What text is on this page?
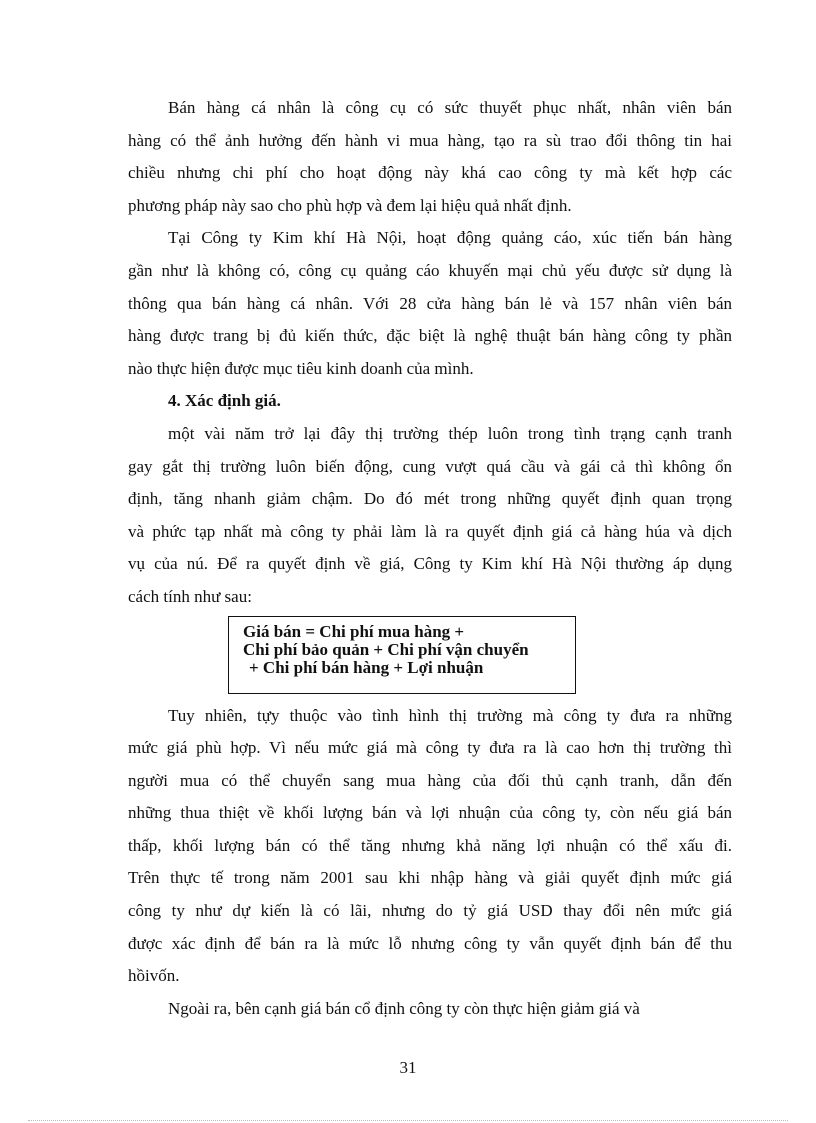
Bán hàng cá nhân là công cụ có sức thuyết phục nhất, nhân viên bán
hàng có thể ảnh hưởng đến hành vi mua hàng, tạo ra sù trao đổi thông tin hai
chiều nhưng chi phí cho hoạt động này khá cao công ty mà kết hợp các
phương pháp này sao cho phù hợp và đem lại hiệu quả nhất định.
Tại Công ty Kim khí Hà Nội, hoạt động quảng cáo, xúc tiến bán hàng
gần như là không có, công cụ quảng cáo khuyến mại chủ yếu được sử dụng là
thông qua bán hàng cá nhân. Với 28 cửa hàng bán lẻ và 157 nhân viên bán
hàng được trang bị đủ kiến thức, đặc biệt là nghệ thuật bán hàng công ty phần
nào thực hiện được mục tiêu kinh doanh của mình.
4. Xác định giá.
một vài năm trở lại đây thị trường thép luôn trong tình trạng cạnh tranh
gay gắt thị trường luôn biến động, cung vượt quá cầu và gái cả thì không ổn
định, tăng nhanh giảm chậm. Do đó mét trong những quyết định quan trọng
và phức tạp nhất mà công ty phải làm là ra quyết định giá cả hàng húa và dịch
vụ của nú. Để ra quyết định về giá, Công ty Kim khí Hà Nội thường áp dụng
cách tính như sau:
Giá bán = Chi phí mua hàng +
Chi phí bảo quản + Chi phí vận chuyển
+ Chi phí bán hàng + Lợi nhuận
Tuy nhiên, tựy thuộc vào tình hình thị trường mà công ty đưa ra những
mức giá phù hợp. Vì nếu mức giá mà công ty đưa ra là cao hơn thị trường thì
người mua có thể chuyển sang mua hàng của đối thủ cạnh tranh, dẫn đến
những thua thiệt về khối lượng bán và lợi nhuận của công ty, còn nếu giá bán
thấp, khối lượng bán có thể tăng nhưng khả năng lợi nhuận có thể xấu đi.
Trên thực tế trong năm 2001 sau khi nhập hàng và giải quyết định mức giá
công ty như dự kiến là có lãi, nhưng do tỷ giá USD thay đổi nên mức giá
được xác định để bán ra là mức lỗ nhưng công ty vẫn quyết định bán để thu
hồivốn.
Ngoài ra, bên cạnh giá bán cổ định công ty còn thực hiện giảm giá và
31
